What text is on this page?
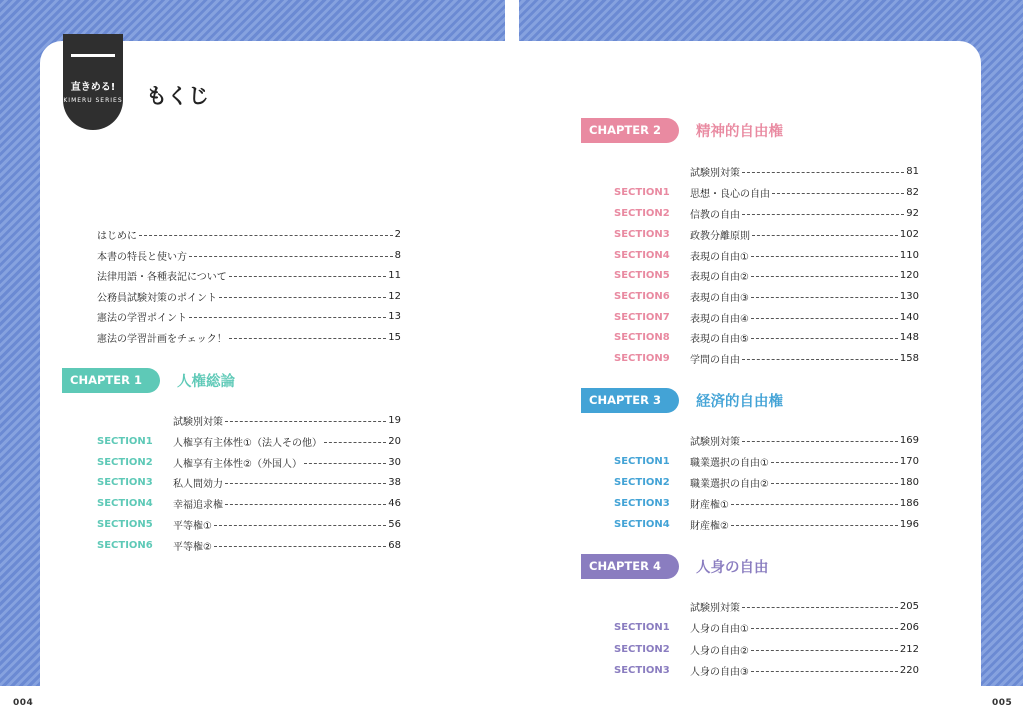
直きめる!
KIMERU SERIES もくじ
004	005
はじめに	2
本書の特長と使い方	8
法律用語・各種表記について	11
公務員試験対策のポイント	12
憲法の学習ポイント	13
憲法の学習計画をチェック！	15
CHAPTER 1	人権総論
試験別対策	19
SECTION1	人権享有主体性①（法人その他）	20
SECTION2	人権享有主体性②（外国人）	30
SECTION3	私人間効力	38
SECTION4	幸福追求権	46
SECTION5	平等権①	56
SECTION6	平等権②	68
CHAPTER 2	精神的自由権
試験別対策	81
SECTION1	思想・良心の自由	82
SECTION2	信教の自由	92
SECTION3	政教分離原則	102
SECTION4	表現の自由①	110
SECTION5	表現の自由②	120
SECTION6	表現の自由③	130
SECTION7	表現の自由④	140
SECTION8	表現の自由⑤	148
SECTION9	学問の自由	158
CHAPTER 3	経済的自由権
試験別対策	169
SECTION1	職業選択の自由①	170
SECTION2	職業選択の自由②	180
SECTION3	財産権①	186
SECTION4	財産権②	196
CHAPTER 4	人身の自由
試験別対策	205
SECTION1	人身の自由①	206
SECTION2	人身の自由②	212
SECTION3	人身の自由③	220
